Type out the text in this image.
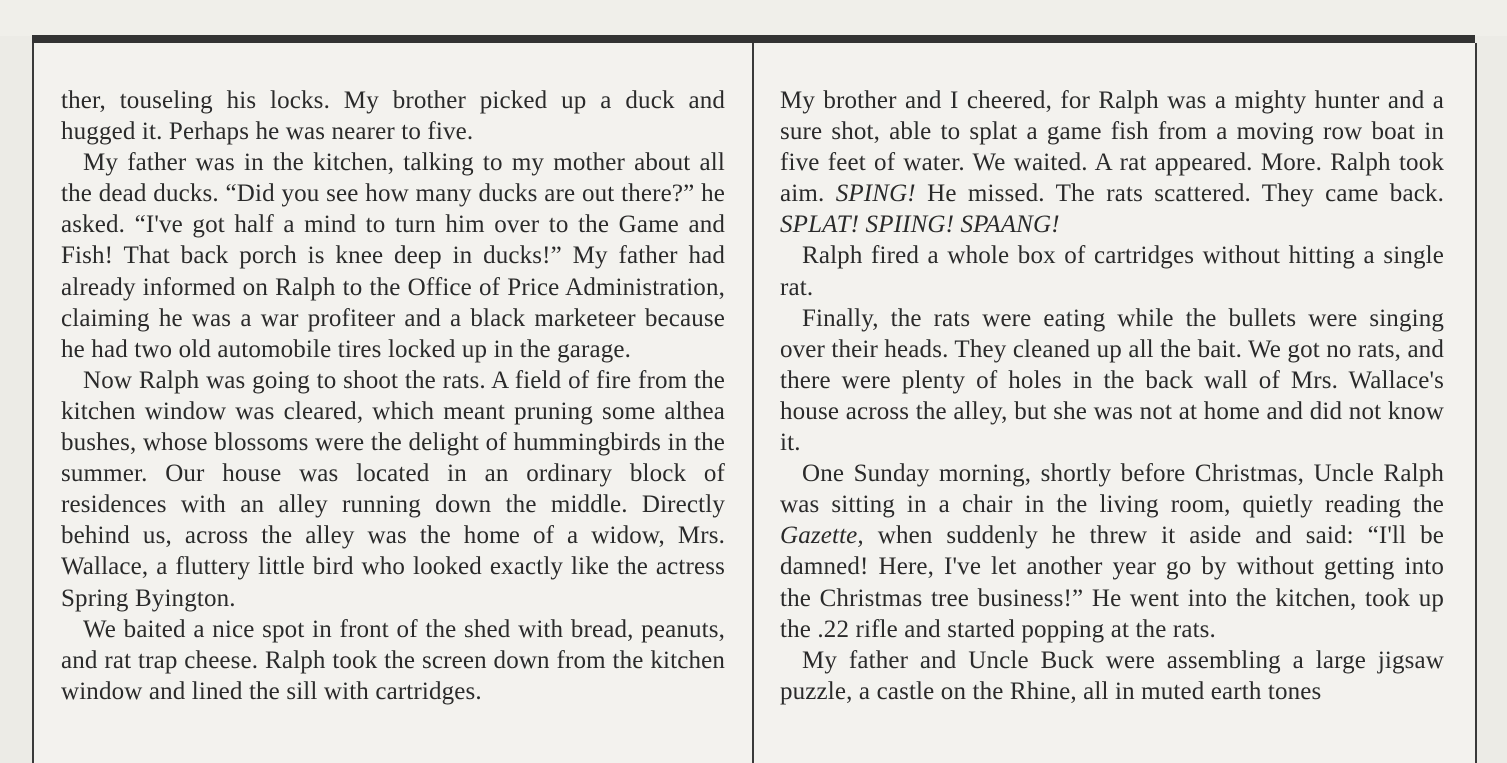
ther, touseling his locks. My brother picked up a duck and hugged it. Perhaps he was nearer to five.

My father was in the kitchen, talking to my mother about all the dead ducks. “Did you see how many ducks are out there?” he asked. “I've got half a mind to turn him over to the Game and Fish! That back porch is knee deep in ducks!” My father had already informed on Ralph to the Office of Price Administration, claiming he was a war profiteer and a black marketeer because he had two old automobile tires locked up in the garage.

Now Ralph was going to shoot the rats. A field of fire from the kitchen window was cleared, which meant pruning some althea bushes, whose blossoms were the delight of hummingbirds in the summer. Our house was located in an ordinary block of residences with an alley running down the middle. Directly behind us, across the alley was the home of a widow, Mrs. Wallace, a fluttery little bird who looked exactly like the actress Spring Byington.

We baited a nice spot in front of the shed with bread, peanuts, and rat trap cheese. Ralph took the screen down from the kitchen window and lined the sill with cartridges.

My brother and I cheered, for Ralph was a mighty hunter and a sure shot, able to splat a game fish from a moving row boat in five feet of water. We waited. A rat appeared. More. Ralph took aim. SPING! He missed. The rats scattered. They came back. SPLAT! SPIING! SPAANG!

Ralph fired a whole box of cartridges without hitting a single rat.

Finally, the rats were eating while the bullets were singing over their heads. They cleaned up all the bait. We got no rats, and there were plenty of holes in the back wall of Mrs. Wallace's house across the alley, but she was not at home and did not know it.

One Sunday morning, shortly before Christmas, Uncle Ralph was sitting in a chair in the living room, quietly reading the Gazette, when suddenly he threw it aside and said: “I'll be damned! Here, I've let another year go by without getting into the Christmas tree business!” He went into the kitchen, took up the .22 rifle and started popping at the rats.

My father and Uncle Buck were assembling a large jigsaw puzzle, a castle on the Rhine, all in muted earth tones
